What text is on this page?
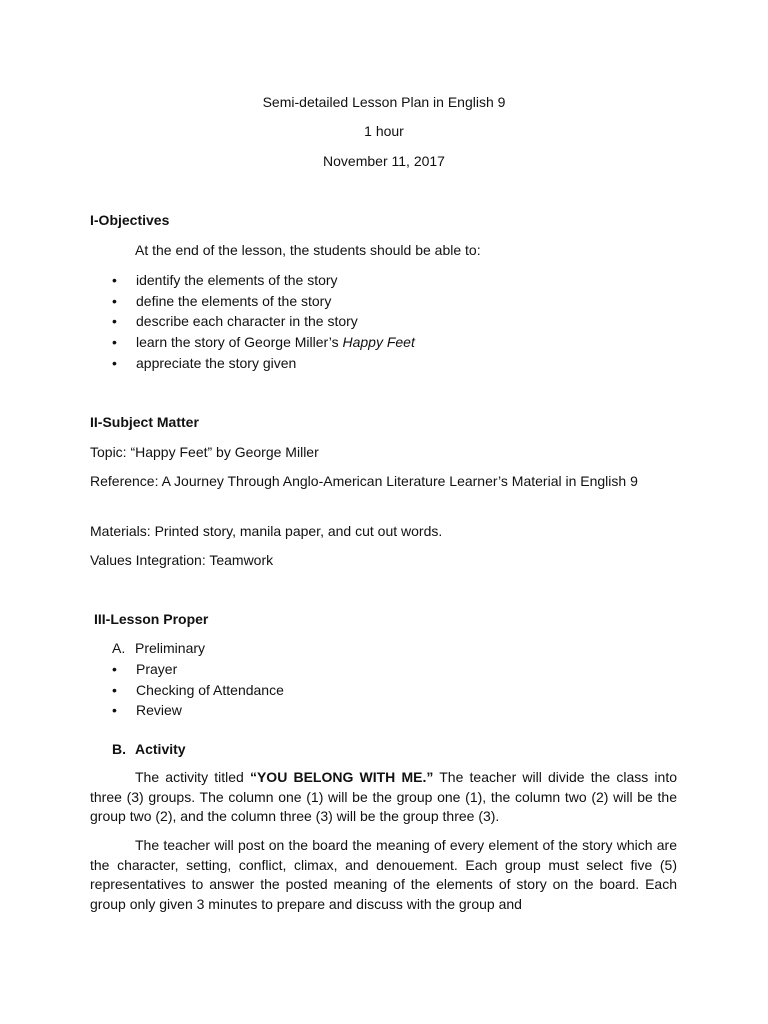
Semi-detailed Lesson Plan in English 9
1 hour
November 11, 2017
I-Objectives
At the end of the lesson, the students should be able to:
• identify the elements of the story
• define the elements of the story
• describe each character in the story
• learn the story of George Miller’s Happy Feet
• appreciate the story given
II-Subject Matter
Topic: “Happy Feet” by George Miller
Reference: A Journey Through Anglo-American Literature Learner’s Material in English 9
Materials: Printed story, manila paper, and cut out words.
Values Integration: Teamwork
III-Lesson Proper
A. Preliminary
• Prayer
• Checking of Attendance
• Review
B. Activity
The activity titled “YOU BELONG WITH ME.” The teacher will divide the class into three (3) groups. The column one (1) will be the group one (1), the column two (2) will be the group two (2), and the column three (3) will be the group three (3).
The teacher will post on the board the meaning of every element of the story which are the character, setting, conflict, climax, and denouement. Each group must select five (5) representatives to answer the posted meaning of the elements of story on the board. Each group only given 3 minutes to prepare and discuss with the group and
